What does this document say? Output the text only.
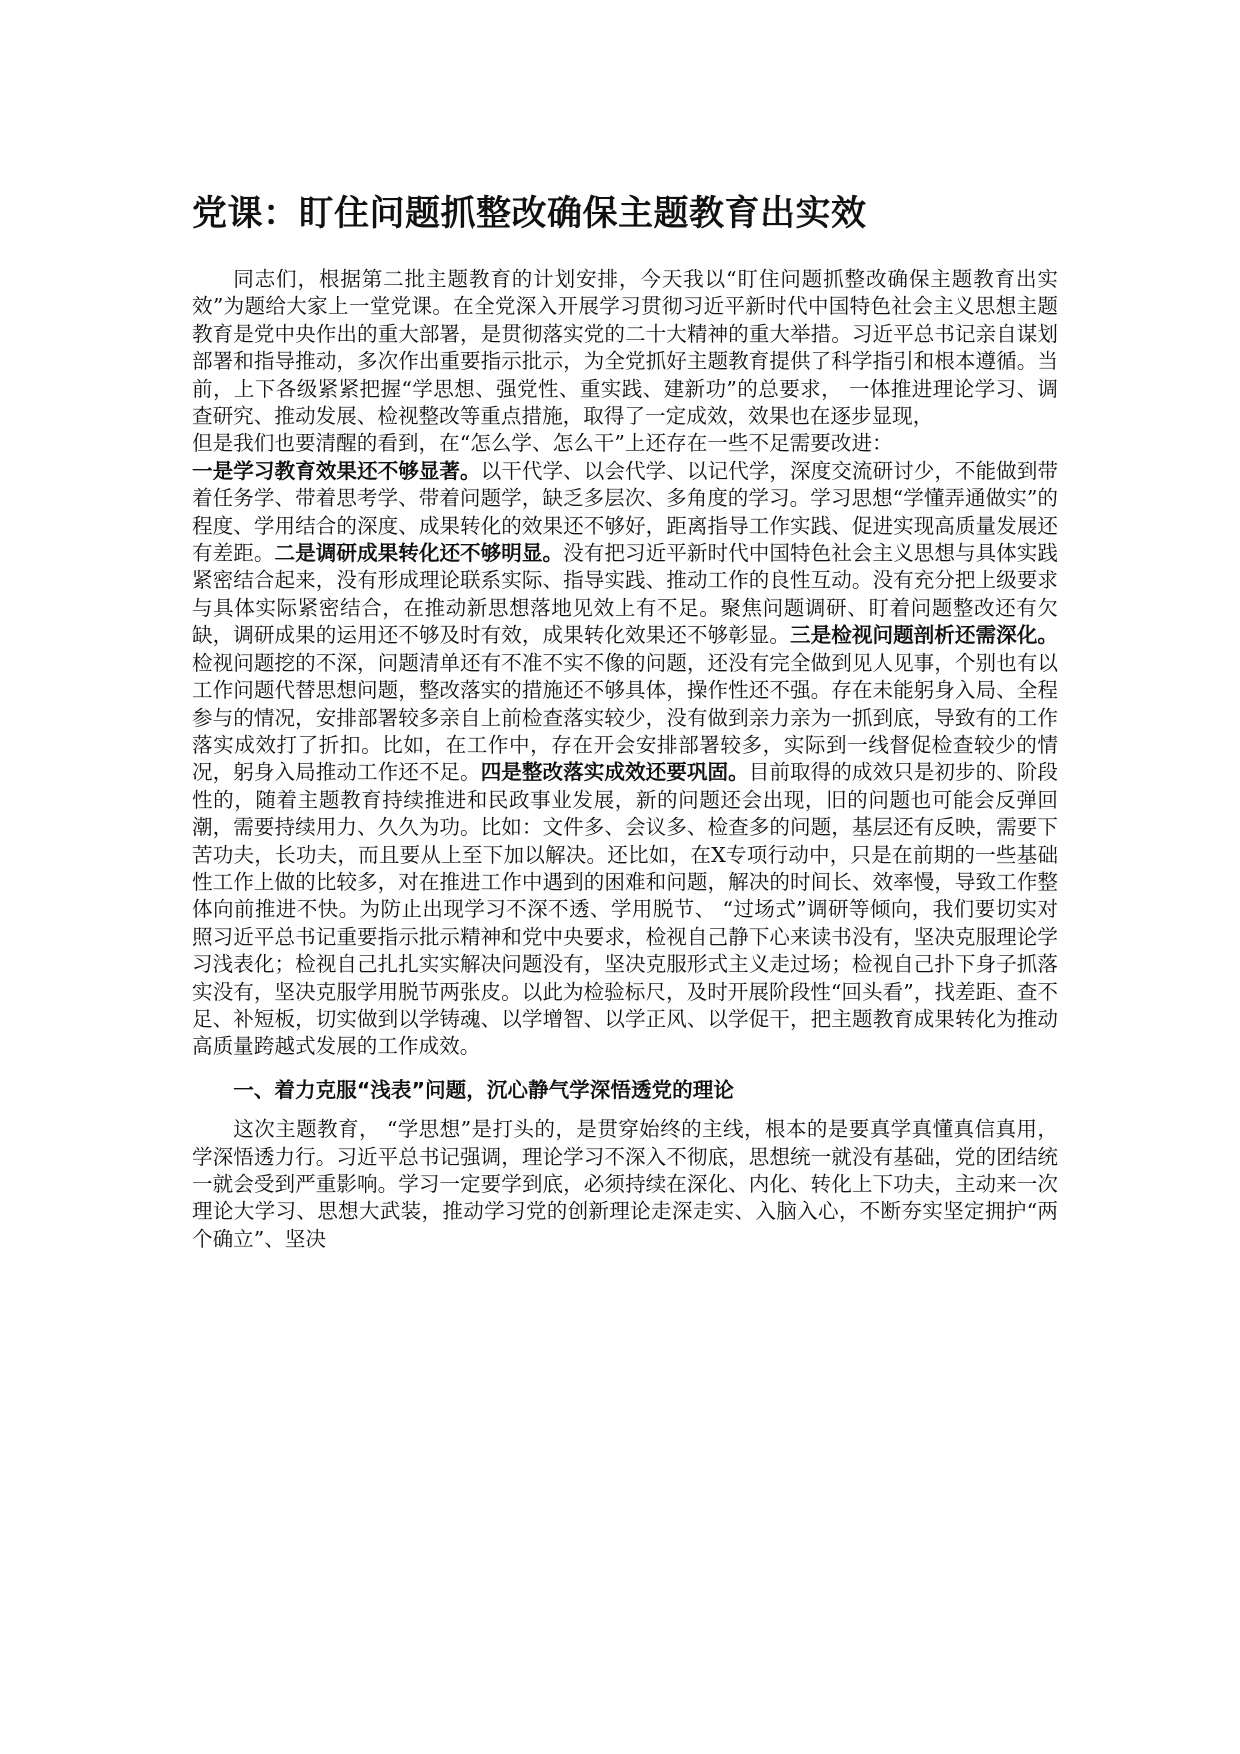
党课：盯住问题抓整改确保主题教育出实效

同志们，根据第二批主题教育的计划安排，今天我以“盯住问题抓整改确保主题教育出实效”为题给大家上一堂党课。在全党深入开展学习贯彻习近平新时代中国特色社会主义思想主题教育是党中央作出的重大部署，是贯彻落实党的二十大精神的重大举措。习近平总书记亲自谋划部署和指导推动，多次作出重要指示批示，为全党抓好主题教育提供了科学指引和根本遵循。当前，上下各级紧紧把握“学思想、强党性、重实践、建新功”的总要求， 一体推进理论学习、调 查研究、推动发展、检视整改等重点措施，取得了一定成效，效果也在逐步显现，

但是我们也要清醒的看到，在“怎么学、怎么干”上还存在一些不足需要改进：
一是学习教育效果还不够显著。以干代学、以会代学、以记代学，深度交流研讨少，不能做到带着任务学、带着思考学、带着问题学，缺乏多层次、多角度的学习。学习思想“学懂弄通做实”的程度、学用结合的深度、成果转化的效果还不够好，距离指导工作实践、促进实现高质量发展还有差距。二是调研成果转化还不够明显。没有把习近平新时代中国特色社会主义思想与具体实践紧密结合起来，没有形成理论联系实际、指导实践、推动工作的良性互动。没有充分把上级要求与具体实际紧密结合，在推动新思想落地见效上有不足。聚焦问题调研、盯着问题整改还有欠缺，调研成果的运用还不够及时有效，成果转化效果还不够彰显。三是检视问题剖析还需深化。检视问题挖的不深，问题清单还有不准不实不像的问题，还没有完全做到见人见事，个别也有以工作问题代替思想问题，整改落实的措施还不够具体，操作性还不强。存在未能躬身入局、全程参与的情况，安排部署较多亲自上前检查落实较少，没有做到亲力亲为一抓到底，导致有的工作落实成效打了折扣。比如，在工作中，存在开会安排部署较多，实际到一线督促检查较少的情况，躬身入局推动工作还不足。四是整改落实成效还要巩固。目前取得的成效只是初步的、阶段性的，随着主题教育持续推进和民政事业发展，新的问题还会出现，旧的问题也可能会反弹回潮，需要持续用力、久久为功。比如：文件多、会议多、检查多的问题，基层还有反映，需要下苦功夫，长功夫，而且要从上至下加以解决。还比如，在X专项行动中，只是在前期的一些基础性工作上做的比较多，对在推进工作中遇到的困难和问题，解决的时间长、效率慢，导致工作整体向前推进不快。为防止出现学习不深不透、学用脱节、 “过场式”调研等倾向，我们要切实对照习近平总书记重要指示批示精神和党中央要求，检视自己静下心来读书没有，坚决克服理论学习浅表化；检视自己扎扎实实解决问题没有，坚决克服形式主义走过场；检视自己扑下身子抓落实没有，坚决克服学用脱节两张皮。以此为检验标尺，及时开展阶段性“回头看”，找差距、查不足、补短板，切实做到以学铸魂、以学增智、以学正风、以学促干，把主题教育成果转化为推动高质量跨越式发展的工作成效。

一、着力克服“浅表”问题，沉心静气学深悟透党的理论

这次主题教育， “学思想”是打头的，是贯穿始终的主线，根本的是要真学真懂真信真用，学深悟透力行。习近平总书记强调，理论学习不深入不彻底，思想统一就没有基础，党的团结统一就会受到严重影响。学习一定要学到底，必须持续在深化、内化、转化上下功夫，主动来一次理论大学习、思想大武装，推动学习党的创新理论走深走实、入脑入心，不断夯实坚定拥护“两个确立”、坚决
